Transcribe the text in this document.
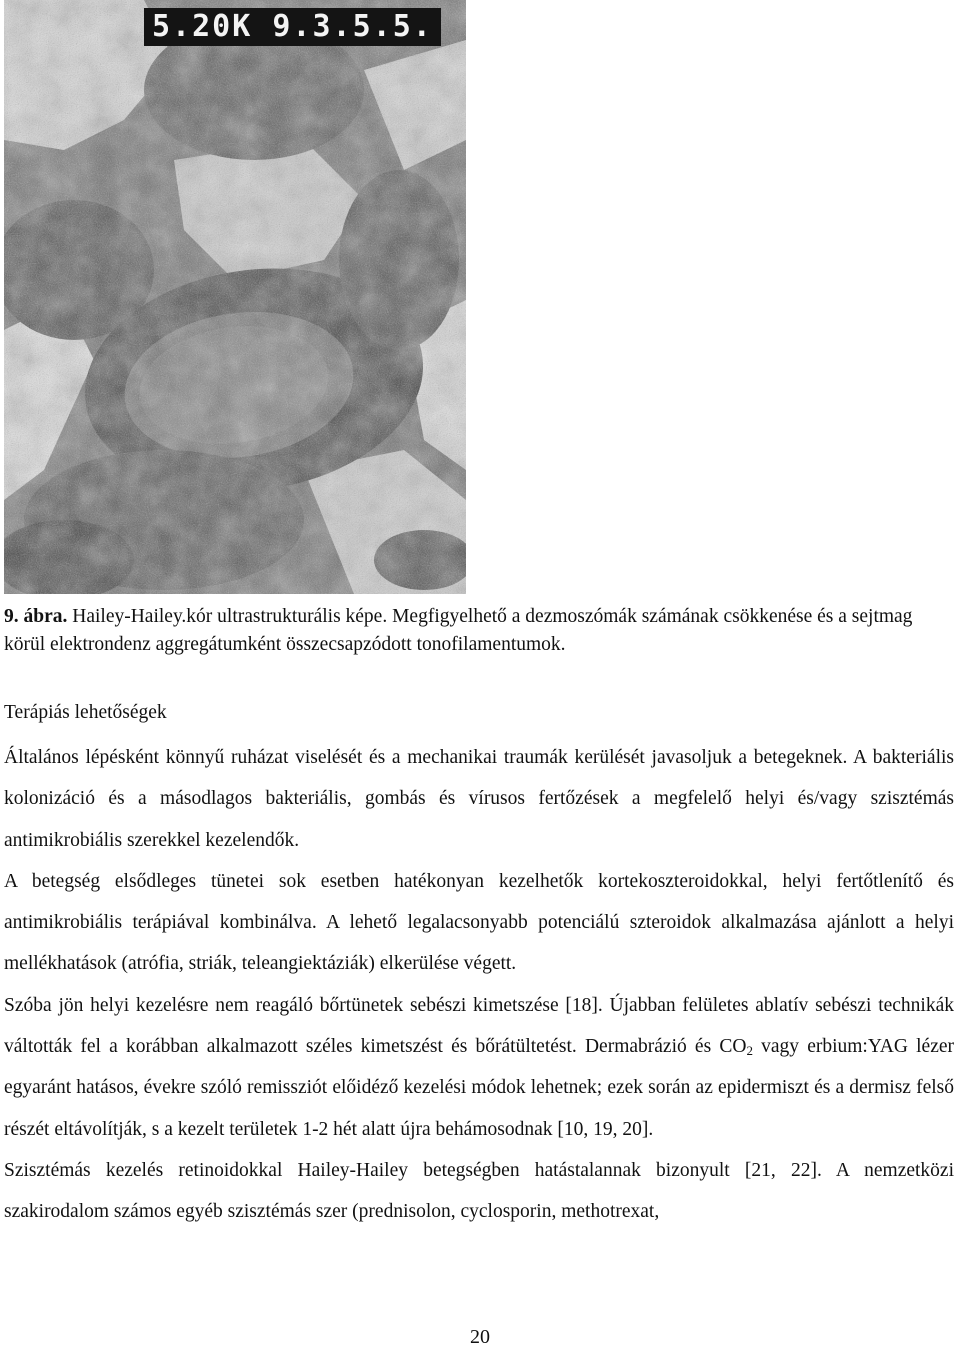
5.20K 9.3.5.5.
9. ábra. Hailey-Hailey.kór ultrastrukturális képe. Megfigyelhető a dezmoszómák számának csökkenése és a sejtmag körül elektrondenz aggregátumként összecsapzódott tonofilamentumok.
Terápiás lehetőségek

Általános lépésként könnyű ruházat viselését és a mechanikai traumák kerülését javasoljuk a betegeknek. A bakteriális kolonizáció és a másodlagos bakteriális, gombás és vírusos fertőzések a megfelelő helyi és/vagy szisztémás antimikrobiális szerekkel kezelendők.

A betegség elsődleges tünetei sok esetben hatékonyan kezelhetők kortekoszteroidokkal, helyi fertőtlenítő és antimikrobiális terápiával kombinálva. A lehető legalacsonyabb potenciálú szteroidok alkalmazása ajánlott a helyi mellékhatások (atrófia, striák, teleangiektáziák) elkerülése végett.

Szóba jön helyi kezelésre nem reagáló bőrtünetek sebészi kimetszése [18]. Újabban felületes ablatív sebészi technikák váltották fel a korábban alkalmazott széles kimetszést és bőrátültetést. Dermabrázió és $CO_2$ vagy erbium:YAG lézer egyaránt hatásos, évekre szóló remissziót előidéző kezelési módok lehetnek; ezek során az epidermiszt és a dermisz felső részét eltávolítják, s a kezelt területek 1-2 hét alatt újra behámosodnak [10, 19, 20].

Szisztémás kezelés retinoidokkal Hailey-Hailey betegségben hatástalannak bizonyult [21, 22]. A nemzetközi szakirodalom számos egyéb szisztémás szer (prednisolon, cyclosporin, methotrexat,

20
